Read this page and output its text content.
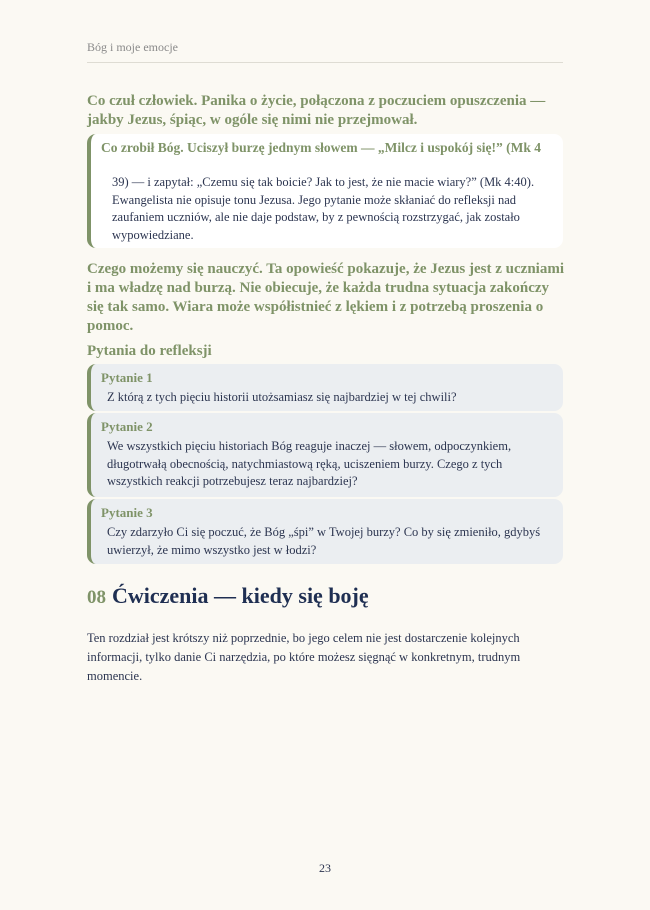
Bóg i moje emocje
Co czuł człowiek. Panika o życie, połączona z poczuciem opuszczenia — jakby Jezus, śpiąc, w ogóle się nimi nie przejmował.
Co zrobił Bóg. Uciszył burzę jednym słowem — „Milcz i uspokój się!” (Mk 4
39) — i zapytał: „Czemu się tak boicie? Jak to jest, że nie macie wiary?” (Mk 4:40). Ewangelista nie opisuje tonu Jezusa. Jego pytanie może skłaniać do refleksji nad zaufaniem uczniów, ale nie daje podstaw, by z pewnością rozstrzygać, jak zostało wypowiedziane.
Czego możemy się nauczyć. Ta opowieść pokazuje, że Jezus jest z uczniami i ma władzę nad burzą. Nie obiecuje, że każda trudna sytuacja zakończy się tak samo. Wiara może współistnieć z lękiem i z potrzebą proszenia o pomoc.
Pytania do refleksji
Pytanie 1
Z którą z tych pięciu historii utożsamiasz się najbardziej w tej chwili?
Pytanie 2
We wszystkich pięciu historiach Bóg reaguje inaczej — słowem, odpoczynkiem, długotrwałą obecnością, natychmiastową ręką, uciszeniem burzy. Czego z tych wszystkich reakcji potrzebujesz teraz najbardziej?
Pytanie 3
Czy zdarzyło Ci się poczuć, że Bóg „śpi” w Twojej burzy? Co by się zmieniło, gdybyś uwierzył, że mimo wszystko jest w łodzi?
08 Ćwiczenia — kiedy się boję
Ten rozdział jest krótszy niż poprzednie, bo jego celem nie jest dostarczenie kolejnych informacji, tylko danie Ci narzędzia, po które możesz sięgnąć w konkretnym, trudnym momencie.
23
